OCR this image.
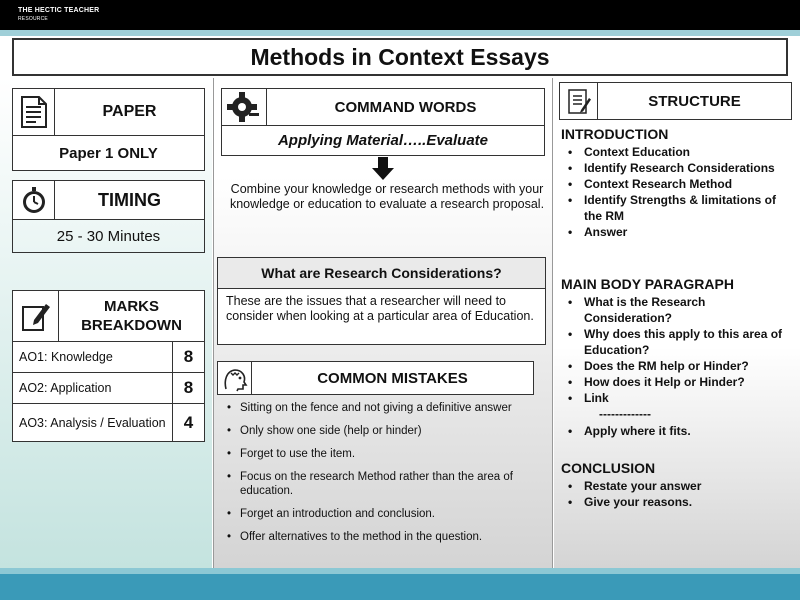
THE HECTIC TEACHER
RESOURCE
Methods in Context Essays
PAPER
Paper 1 ONLY
TIMING
25 - 30 Minutes
MARKS BREAKDOWN
AO1: Knowledge	8
AO2: Application	8
AO3: Analysis / Evaluation	4
COMMAND WORDS
Applying Material…..Evaluate
Combine your knowledge or research methods with your knowledge or education to evaluate a research proposal.
What are Research Considerations?
These are the issues that a researcher will need to consider when looking at a particular area of Education.
COMMON MISTAKES
• Sitting on the fence and not giving a definitive answer
• Only show one side (help or hinder)
• Forget to use the item.
• Focus on the research Method rather than the area of education.
• Forget an introduction and conclusion.
• Offer alternatives to the method in the question.
STRUCTURE
INTRODUCTION
• Context Education
• Identify Research Considerations
• Context Research Method
• Identify Strengths & limitations of the RM
• Answer
MAIN BODY PARAGRAPH
• What is the Research Consideration?
• Why does this apply to this area of Education?
• Does the RM help or Hinder?
• How does it Help or Hinder?
• Link
-------------
• Apply where it fits.
CONCLUSION
• Restate your answer
• Give your reasons.
